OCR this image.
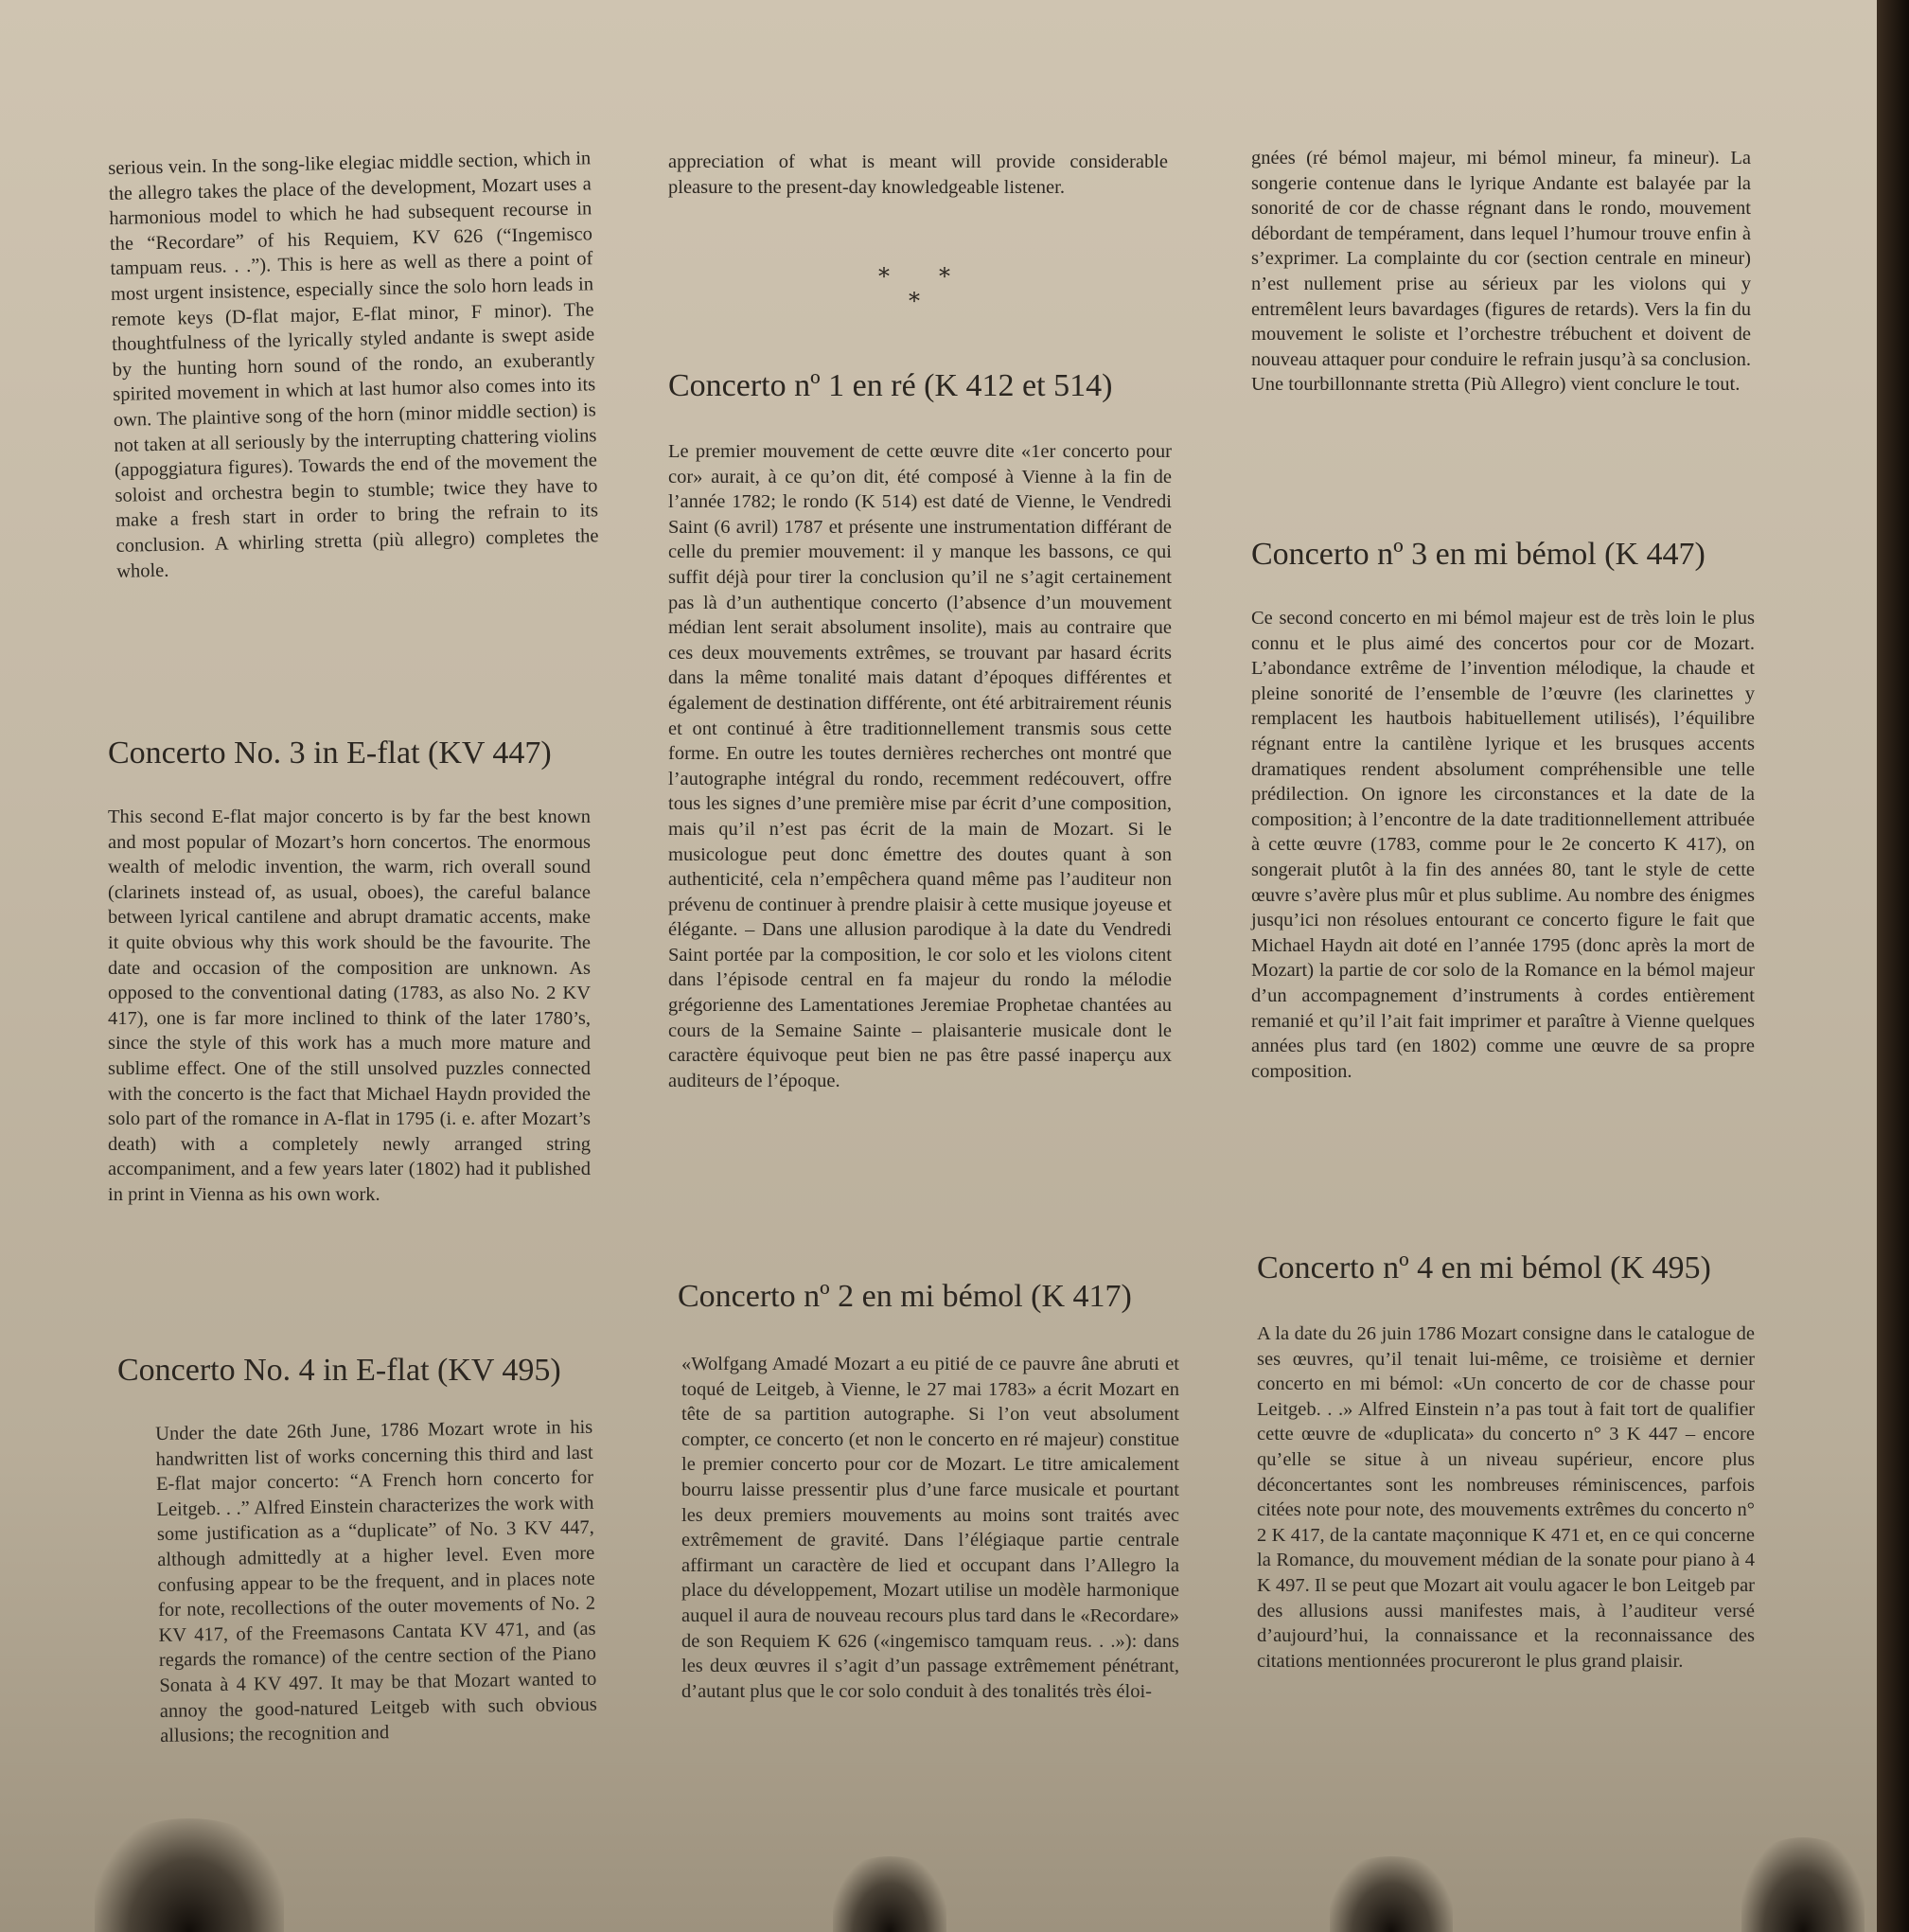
serious vein. In the song-like elegiac middle section, which in the allegro takes the place of the development, Mozart uses a harmonious model to which he had subsequent recourse in the “Recordare” of his Requiem, KV 626 (“Ingemisco tampuam reus. . .”). This is here as well as there a point of most urgent insistence, especially since the solo horn leads in remote keys (D-flat major, E-flat minor, F minor). The thoughtfulness of the lyrically styled andante is swept aside by the hunting horn sound of the rondo, an exuberantly spirited movement in which at last humor also comes into its own. The plaintive song of the horn (minor middle section) is not taken at all seriously by the interrupting chattering violins (appoggiatura figures). Towards the end of the movement the soloist and orchestra begin to stumble; twice they have to make a fresh start in order to bring the refrain to its conclusion. A whirling stretta (più allegro) completes the whole.

Concerto No. 3 in E-flat (KV 447)

This second E-flat major concerto is by far the best known and most popular of Mozart’s horn concertos. The enormous wealth of melodic invention, the warm, rich overall sound (clarinets instead of, as usual, oboes), the careful balance between lyrical cantilene and abrupt dramatic accents, make it quite obvious why this work should be the favourite. The date and occasion of the composition are unknown. As opposed to the conventional dating (1783, as also No. 2 KV 417), one is far more inclined to think of the later 1780’s, since the style of this work has a much more mature and sublime effect. One of the still unsolved puzzles connected with the concerto is the fact that Michael Haydn provided the solo part of the romance in A-flat in 1795 (i. e. after Mozart’s death) with a completely newly arranged string accompaniment, and a few years later (1802) had it published in print in Vienna as his own work.

Concerto No. 4 in E-flat (KV 495)

Under the date 26th June, 1786 Mozart wrote in his handwritten list of works concerning this third and last E-flat major concerto: “A French horn concerto for Leitgeb. . .” Alfred Einstein characterizes the work with some justification as a “duplicate” of No. 3 KV 447, although admittedly at a higher level. Even more confusing appear to be the frequent, and in places note for note, recollections of the outer movements of No. 2 KV 417, of the Freemasons Cantata KV 471, and (as regards the romance) of the centre section of the Piano Sonata à 4 KV 497. It may be that Mozart wanted to annoy the good-natured Leitgeb with such obvious allusions; the recognition and

appreciation of what is meant will provide considerable pleasure to the present-day knowledgeable listener.

Concerto nº 1 en ré (K 412 et 514)

Le premier mouvement de cette œuvre dite «1er concerto pour cor» aurait, à ce qu’on dit, été composé à Vienne à la fin de l’année 1782; le rondo (K 514) est daté de Vienne, le Vendredi Saint (6 avril) 1787 et présente une instrumentation différant de celle du premier mouvement: il y manque les bassons, ce qui suffit déjà pour tirer la conclusion qu’il ne s’agit certainement pas là d’un authentique concerto (l’absence d’un mouvement médian lent serait absolument insolite), mais au contraire que ces deux mouvements extrêmes, se trouvant par hasard écrits dans la même tonalité mais datant d’époques différentes et également de destination différente, ont été arbitrairement réunis et ont continué à être traditionnellement transmis sous cette forme. En outre les toutes dernières recherches ont montré que l’autographe intégral du rondo, recemment redécouvert, offre tous les signes d’une première mise par écrit d’une composition, mais qu’il n’est pas écrit de la main de Mozart. Si le musicologue peut donc émettre des doutes quant à son authenticité, cela n’empêchera quand même pas l’auditeur non prévenu de continuer à prendre plaisir à cette musique joyeuse et élégante. – Dans une allusion parodique à la date du Vendredi Saint portée par la composition, le cor solo et les violons citent dans l’épisode central en fa majeur du rondo la mélodie grégorienne des Lamentationes Jeremiae Prophetae chantées au cours de la Semaine Sainte – plaisanterie musicale dont le caractère équivoque peut bien ne pas être passé inaperçu aux auditeurs de l’époque.

Concerto nº 2 en mi bémol (K 417)

«Wolfgang Amadé Mozart a eu pitié de ce pauvre âne abruti et toqué de Leitgeb, à Vienne, le 27 mai 1783» a écrit Mozart en tête de sa partition autographe. Si l’on veut absolument compter, ce concerto (et non le concerto en ré majeur) constitue le premier concerto pour cor de Mozart. Le titre amicalement bourru laisse pressentir plus d’une farce musicale et pourtant les deux premiers mouvements au moins sont traités avec extrêmement de gravité. Dans l’élégiaque partie centrale affirmant un caractère de lied et occupant dans l’Allegro la place du développement, Mozart utilise un modèle harmonique auquel il aura de nouveau recours plus tard dans le «Recordare» de son Requiem K 626 («ingemisco tamquam reus. . .»): dans les deux œuvres il s’agit d’un passage extrêmement pénétrant, d’autant plus que le cor solo conduit à des tonalités très éloi-

* *
*

gnées (ré bémol majeur, mi bémol mineur, fa mineur). La songerie contenue dans le lyrique Andante est balayée par la sonorité de cor de chasse régnant dans le rondo, mouvement débordant de tempérament, dans lequel l’humour trouve enfin à s’exprimer. La complainte du cor (section centrale en mineur) n’est nullement prise au sérieux par les violons qui y entremêlent leurs bavardages (figures de retards). Vers la fin du mouvement le soliste et l’orchestre trébuchent et doivent de nouveau attaquer pour conduire le refrain jusqu’à sa conclusion. Une tourbillonnante stretta (Più Allegro) vient conclure le tout.

Concerto nº 3 en mi bémol (K 447)

Ce second concerto en mi bémol majeur est de très loin le plus connu et le plus aimé des concertos pour cor de Mozart. L’abondance extrême de l’invention mélodique, la chaude et pleine sonorité de l’ensemble de l’œuvre (les clarinettes y remplacent les hautbois habituellement utilisés), l’équilibre régnant entre la cantilène lyrique et les brusques accents dramatiques rendent absolument compréhensible une telle prédilection. On ignore les circonstances et la date de la composition; à l’encontre de la date traditionnellement attribuée à cette œuvre (1783, comme pour le 2e concerto K 417), on songerait plutôt à la fin des années 80, tant le style de cette œuvre s’avère plus mûr et plus sublime. Au nombre des énigmes jusqu’ici non résolues entourant ce concerto figure le fait que Michael Haydn ait doté en l’année 1795 (donc après la mort de Mozart) la partie de cor solo de la Romance en la bémol majeur d’un accompagnement d’instruments à cordes entièrement remanié et qu’il l’ait fait imprimer et paraître à Vienne quelques années plus tard (en 1802) comme une œuvre de sa propre composition.

Concerto nº 4 en mi bémol (K 495)

A la date du 26 juin 1786 Mozart consigne dans le catalogue de ses œuvres, qu’il tenait lui-même, ce troisième et dernier concerto en mi bémol: «Un concerto de cor de chasse pour Leitgeb. . .» Alfred Einstein n’a pas tout à fait tort de qualifier cette œuvre de «duplicata» du concerto n° 3 K 447 – encore qu’elle se situe à un niveau supérieur, encore plus déconcertantes sont les nombreuses réminiscences, parfois citées note pour note, des mouvements extrêmes du concerto n° 2 K 417, de la cantate maçonnique K 471 et, en ce qui concerne la Romance, du mouvement médian de la sonate pour piano à 4 K 497. Il se peut que Mozart ait voulu agacer le bon Leitgeb par des allusions aussi manifestes mais, à l’auditeur versé d’aujourd’hui, la connaissance et la reconnaissance des citations mentionnées procureront le plus grand plaisir.
